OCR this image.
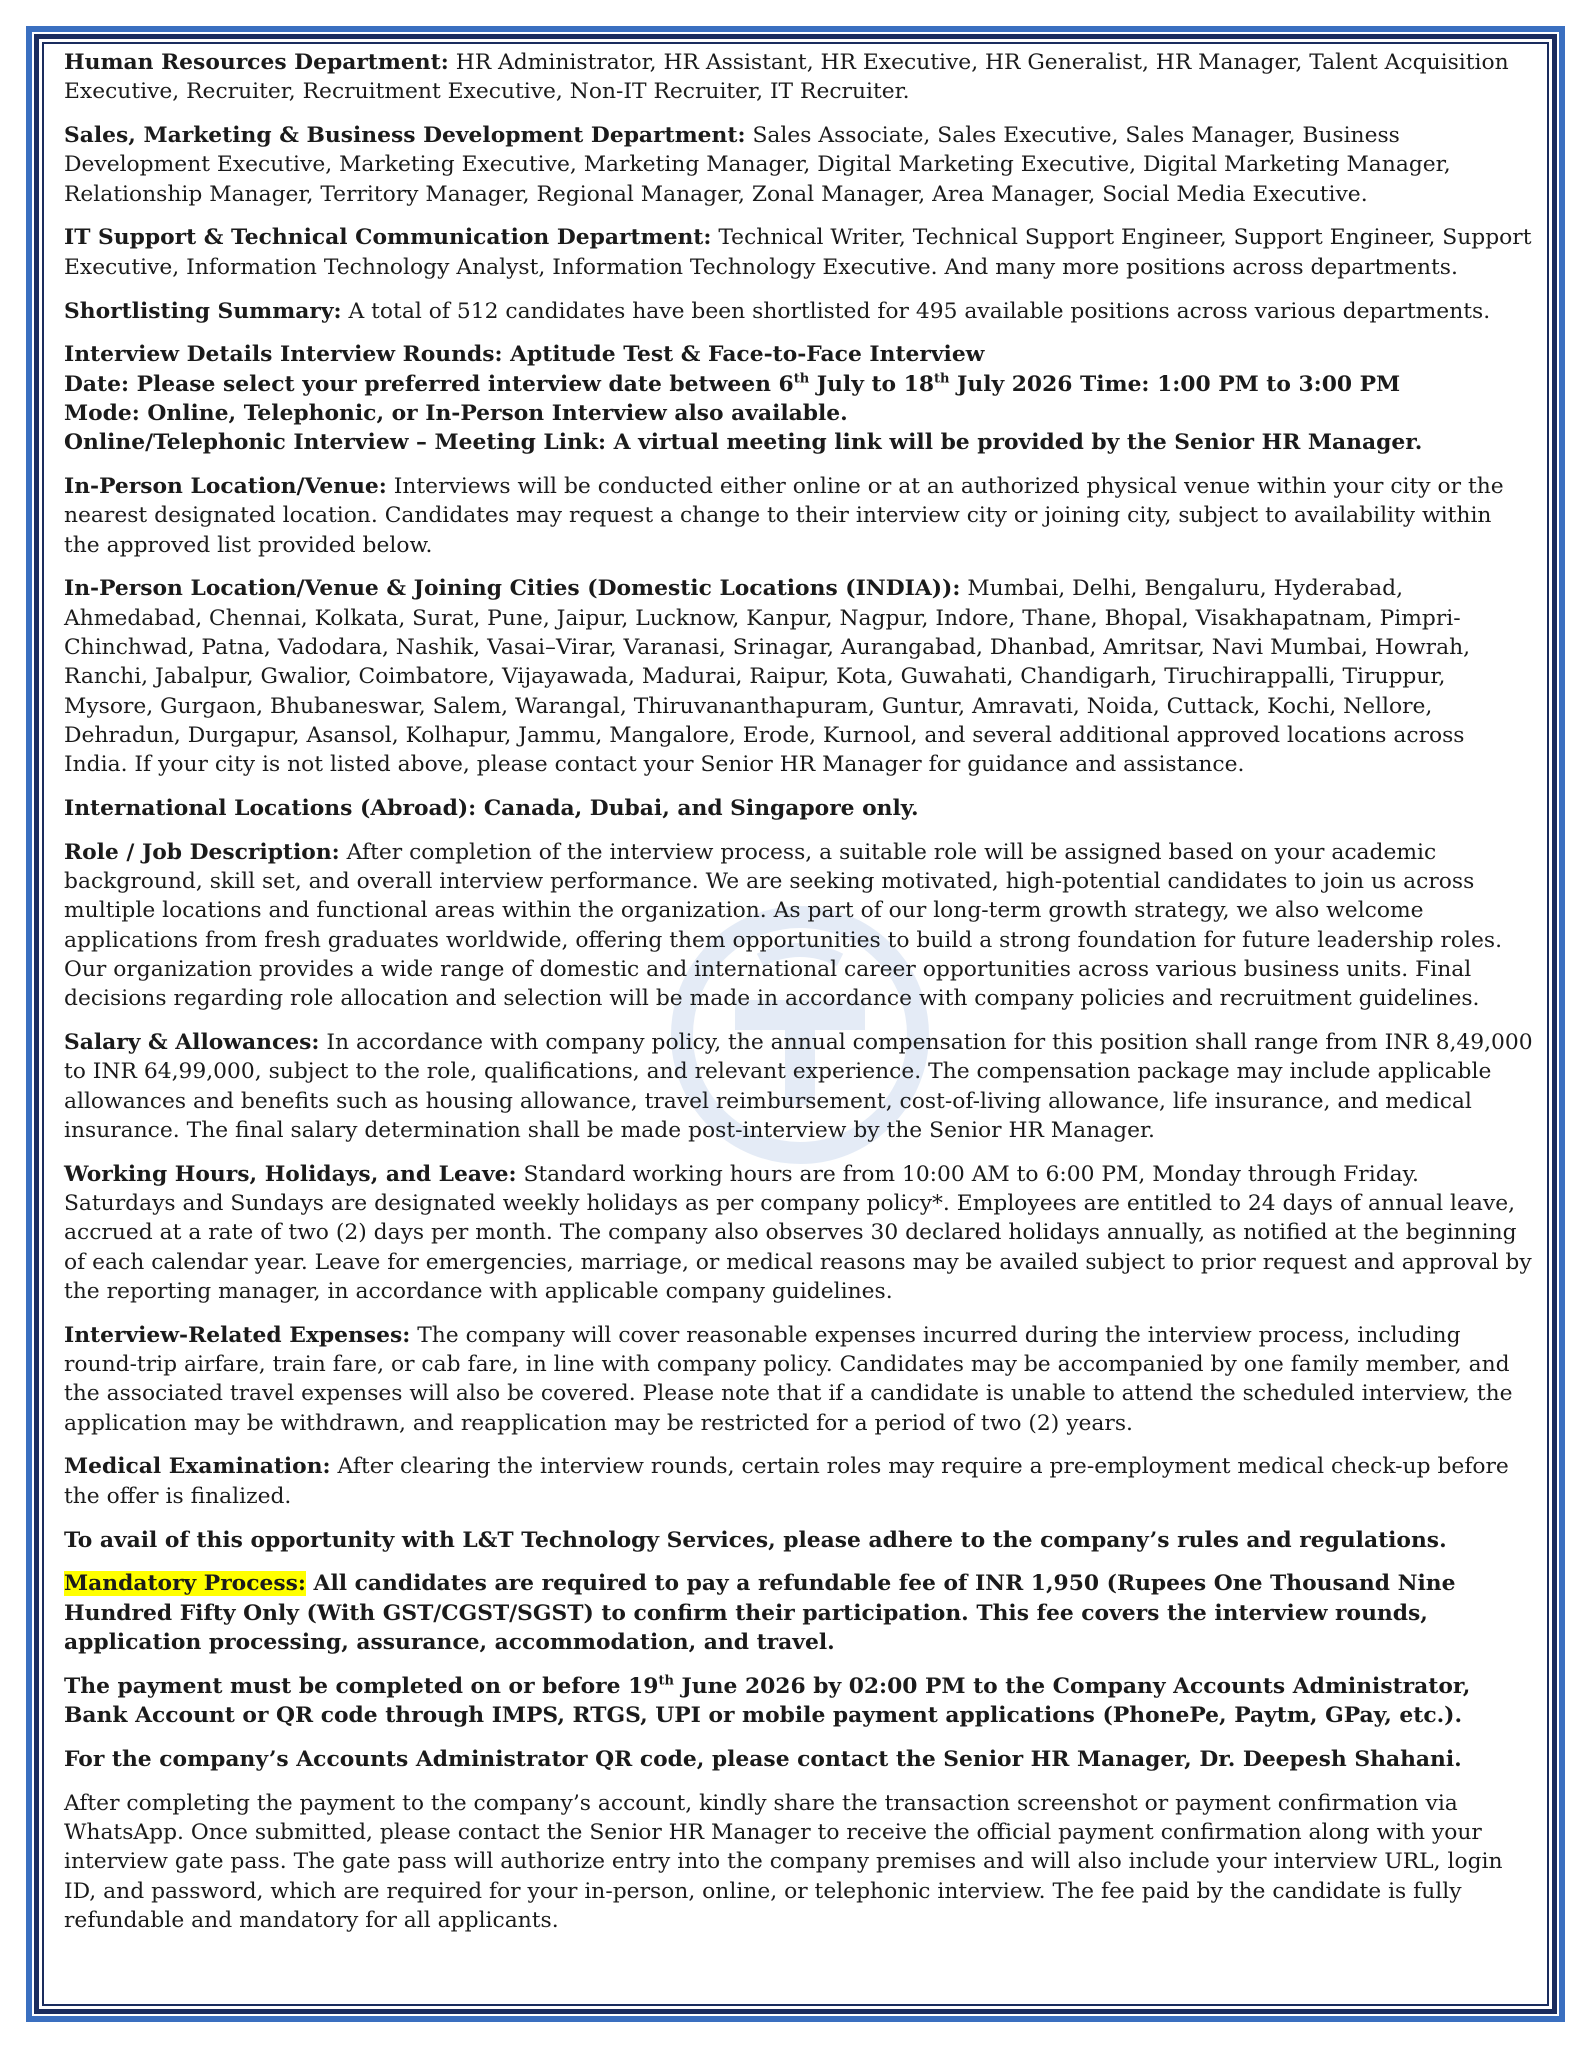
Human Resources Department: HR Administrator, HR Assistant, HR Executive, HR Generalist, HR Manager, Talent Acquisition Executive, Recruiter, Recruitment Executive, Non-IT Recruiter, IT Recruiter.

Sales, Marketing & Business Development Department: Sales Associate, Sales Executive, Sales Manager, Business Development Executive, Marketing Executive, Marketing Manager, Digital Marketing Executive, Digital Marketing Manager, Relationship Manager, Territory Manager, Regional Manager, Zonal Manager, Area Manager, Social Media Executive.

IT Support & Technical Communication Department: Technical Writer, Technical Support Engineer, Support Engineer, Support Executive, Information Technology Analyst, Information Technology Executive. And many more positions across departments.

Shortlisting Summary: A total of 512 candidates have been shortlisted for 495 available positions across various departments.

Interview Details Interview Rounds: Aptitude Test & Face-to-Face Interview
Date: Please select your preferred interview date between 6th July to 18th July 2026 Time: 1:00 PM to 3:00 PM
Mode: Online, Telephonic, or In-Person Interview also available.
Online/Telephonic Interview – Meeting Link: A virtual meeting link will be provided by the Senior HR Manager.

In-Person Location/Venue: Interviews will be conducted either online or at an authorized physical venue within your city or the nearest designated location. Candidates may request a change to their interview city or joining city, subject to availability within the approved list provided below.

In-Person Location/Venue & Joining Cities (Domestic Locations (INDIA)): Mumbai, Delhi, Bengaluru, Hyderabad, Ahmedabad, Chennai, Kolkata, Surat, Pune, Jaipur, Lucknow, Kanpur, Nagpur, Indore, Thane, Bhopal, Visakhapatnam, Pimpri-Chinchwad, Patna, Vadodara, Nashik, Vasai–Virar, Varanasi, Srinagar, Aurangabad, Dhanbad, Amritsar, Navi Mumbai, Howrah, Ranchi, Jabalpur, Gwalior, Coimbatore, Vijayawada, Madurai, Raipur, Kota, Guwahati, Chandigarh, Tiruchirappalli, Tiruppur, Mysore, Gurgaon, Bhubaneswar, Salem, Warangal, Thiruvananthapuram, Guntur, Amravati, Noida, Cuttack, Kochi, Nellore, Dehradun, Durgapur, Asansol, Kolhapur, Jammu, Mangalore, Erode, Kurnool, and several additional approved locations across India. If your city is not listed above, please contact your Senior HR Manager for guidance and assistance.

International Locations (Abroad): Canada, Dubai, and Singapore only.

Role / Job Description: After completion of the interview process, a suitable role will be assigned based on your academic background, skill set, and overall interview performance. We are seeking motivated, high-potential candidates to join us across multiple locations and functional areas within the organization. As part of our long-term growth strategy, we also welcome applications from fresh graduates worldwide, offering them opportunities to build a strong foundation for future leadership roles. Our organization provides a wide range of domestic and international career opportunities across various business units. Final decisions regarding role allocation and selection will be made in accordance with company policies and recruitment guidelines.

Salary & Allowances: In accordance with company policy, the annual compensation for this position shall range from INR 8,49,000 to INR 64,99,000, subject to the role, qualifications, and relevant experience. The compensation package may include applicable allowances and benefits such as housing allowance, travel reimbursement, cost-of-living allowance, life insurance, and medical insurance. The final salary determination shall be made post-interview by the Senior HR Manager.

Working Hours, Holidays, and Leave: Standard working hours are from 10:00 AM to 6:00 PM, Monday through Friday. Saturdays and Sundays are designated weekly holidays as per company policy*. Employees are entitled to 24 days of annual leave, accrued at a rate of two (2) days per month. The company also observes 30 declared holidays annually, as notified at the beginning of each calendar year. Leave for emergencies, marriage, or medical reasons may be availed subject to prior request and approval by the reporting manager, in accordance with applicable company guidelines.

Interview-Related Expenses: The company will cover reasonable expenses incurred during the interview process, including round-trip airfare, train fare, or cab fare, in line with company policy. Candidates may be accompanied by one family member, and the associated travel expenses will also be covered. Please note that if a candidate is unable to attend the scheduled interview, the application may be withdrawn, and reapplication may be restricted for a period of two (2) years.

Medical Examination: After clearing the interview rounds, certain roles may require a pre-employment medical check-up before the offer is finalized.

To avail of this opportunity with L&T Technology Services, please adhere to the company’s rules and regulations.

Mandatory Process: All candidates are required to pay a refundable fee of INR 1,950 (Rupees One Thousand Nine Hundred Fifty Only (With GST/CGST/SGST) to confirm their participation. This fee covers the interview rounds, application processing, assurance, accommodation, and travel.

The payment must be completed on or before 19th June 2026 by 02:00 PM to the Company Accounts Administrator, Bank Account or QR code through IMPS, RTGS, UPI or mobile payment applications (PhonePe, Paytm, GPay, etc.).

For the company’s Accounts Administrator QR code, please contact the Senior HR Manager, Dr. Deepesh Shahani.

After completing the payment to the company’s account, kindly share the transaction screenshot or payment confirmation via WhatsApp. Once submitted, please contact the Senior HR Manager to receive the official payment confirmation along with your interview gate pass. The gate pass will authorize entry into the company premises and will also include your interview URL, login ID, and password, which are required for your in-person, online, or telephonic interview. The fee paid by the candidate is fully refundable and mandatory for all applicants.
